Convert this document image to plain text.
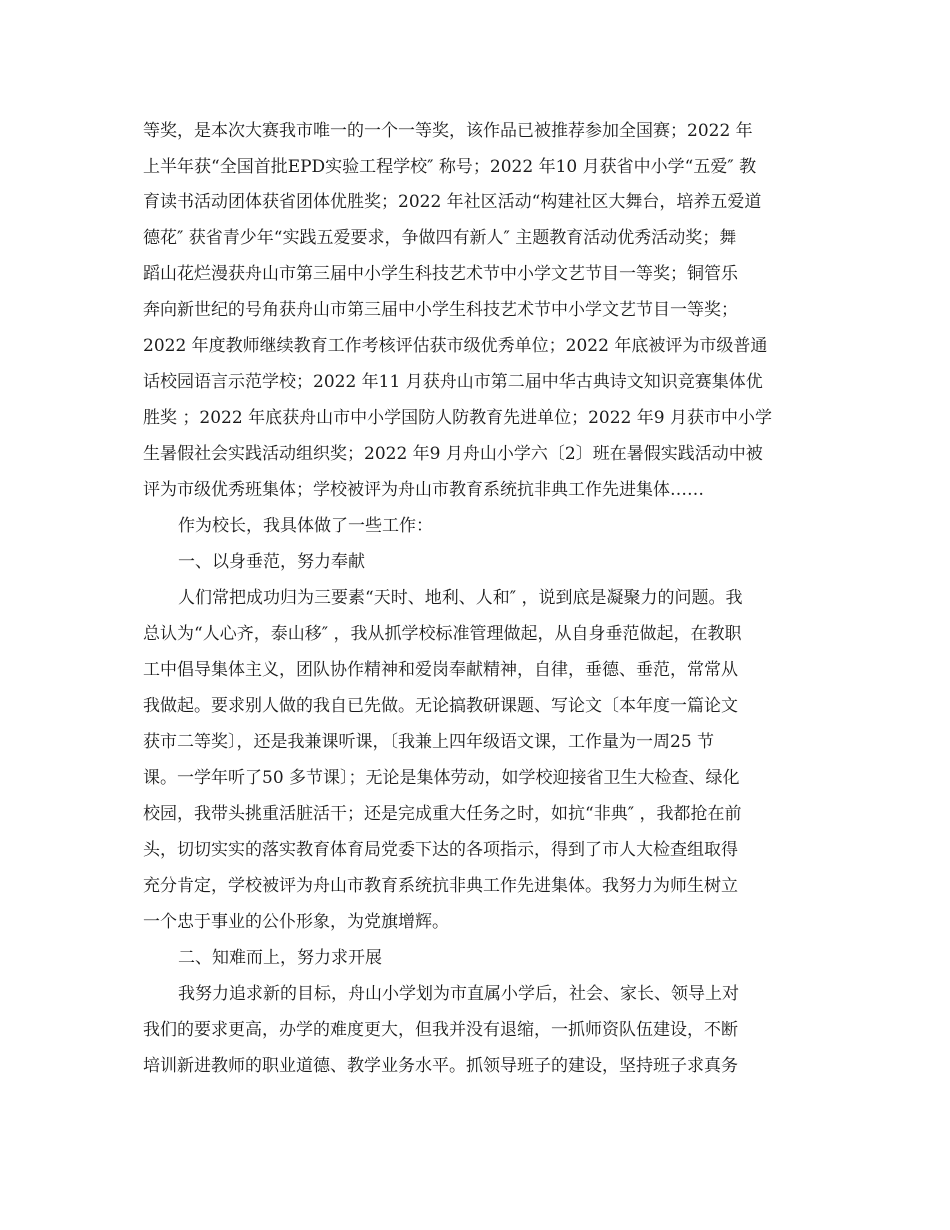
等奖，是本次大赛我市唯一的一个一等奖，该作品已被推荐参加全国赛；2022 年
上半年获“全国首批EPD实验工程学校″ 称号；2022 年10 月获省中小学“五爱″ 教
育读书活动团体获省团体优胜奖；2022 年社区活动“构建社区大舞台，培养五爱道
德花″ 获省青少年“实践五爱要求，争做四有新人″ 主题教育活动优秀活动奖；舞
蹈山花烂漫获舟山市第三届中小学生科技艺术节中小学文艺节目一等奖；铜管乐
奔向新世纪的号角获舟山市第三届中小学生科技艺术节中小学文艺节目一等奖；
2022 年度教师继续教育工作考核评估获市级优秀单位；2022 年底被评为市级普通
话校园语言示范学校；2022 年11 月获舟山市第二届中华古典诗文知识竞赛集体优
胜奖 ；2022 年底获舟山市中小学国防人防教育先进单位；2022 年9 月获市中小学
生暑假社会实践活动组织奖；2022 年9 月舟山小学六〔2〕班在暑假实践活动中被
评为市级优秀班集体；学校被评为舟山市教育系统抗非典工作先进集体……
作为校长，我具体做了一些工作：
一、以身垂范，努力奉献
人们常把成功归为三要素“天时、地利、人和″ ，说到底是凝聚力的问题。我
总认为“人心齐，泰山移″ ，我从抓学校标准管理做起，从自身垂范做起，在教职
工中倡导集体主义，团队协作精神和爱岗奉献精神，自律，垂德、垂范，常常从
我做起。要求别人做的我自已先做。无论搞教研课题、写论文〔本年度一篇论文
获市二等奖〕，还是我兼课听课，〔我兼上四年级语文课，工作量为一周25 节
课。一学年听了50 多节课〕；无论是集体劳动，如学校迎接省卫生大检查、绿化
校园，我带头挑重活脏活干；还是完成重大任务之时，如抗“非典″ ，我都抢在前
头，切切实实的落实教育体育局党委下达的各项指示，得到了市人大检查组取得
充分肯定，学校被评为舟山市教育系统抗非典工作先进集体。我努力为师生树立
一个忠于事业的公仆形象，为党旗增辉。
二、知难而上，努力求开展
我努力追求新的目标，舟山小学划为市直属小学后，社会、家长、领导上对
我们的要求更高，办学的难度更大，但我并没有退缩，一抓师资队伍建设，不断
培训新进教师的职业道德、教学业务水平。抓领导班子的建设，坚持班子求真务
